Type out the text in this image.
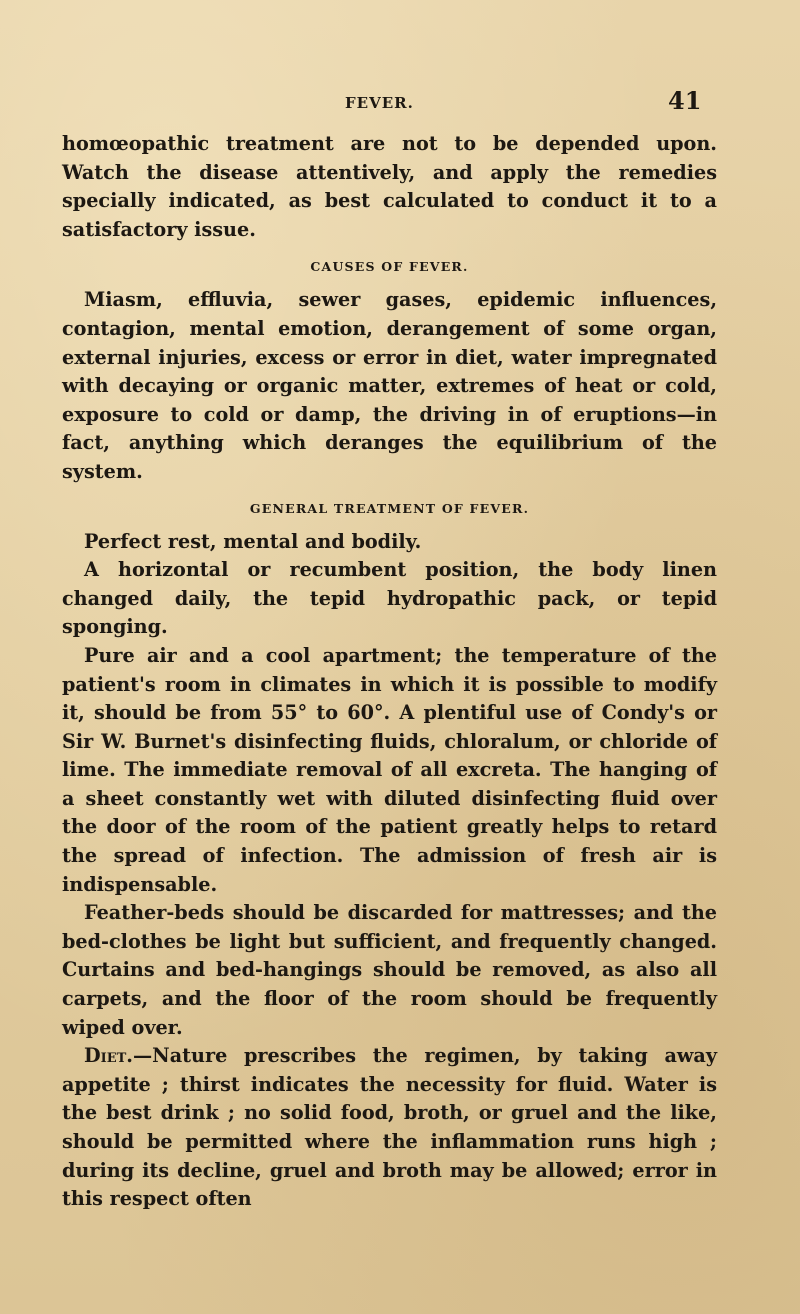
FEVER.	41

homœopathic treatment are not to be depended upon. Watch the disease attentively, and apply the remedies specially indicated, as best calculated to conduct it to a satisfactory issue.

CAUSES OF FEVER.

Miasm, effluvia, sewer gases, epidemic influences, contagion, mental emotion, derangement of some organ, external injuries, excess or error in diet, water impregnated with decaying or organic matter, extremes of heat or cold, exposure to cold or damp, the driving in of eruptions—in fact, anything which deranges the equilibrium of the system.

GENERAL TREATMENT OF FEVER.

Perfect rest, mental and bodily.

A horizontal or recumbent position, the body linen changed daily, the tepid hydropathic pack, or tepid sponging.

Pure air and a cool apartment; the temperature of the patient's room in climates in which it is possible to modify it, should be from 55° to 60°. A plentiful use of Condy's or Sir W. Burnet's disinfecting fluids, chloralum, or chloride of lime. The immediate removal of all excreta. The hanging of a sheet constantly wet with diluted disinfecting fluid over the door of the room of the patient greatly helps to retard the spread of infection. The admission of fresh air is indispensable.

Feather-beds should be discarded for mattresses; and the bed-clothes be light but sufficient, and frequently changed. Curtains and bed-hangings should be removed, as also all carpets, and the floor of the room should be frequently wiped over.

Diet.—Nature prescribes the regimen, by taking away appetite ; thirst indicates the necessity for fluid. Water is the best drink ; no solid food, broth, or gruel and the like, should be permitted where the inflammation runs high ; during its decline, gruel and broth may be allowed; error in this respect often
